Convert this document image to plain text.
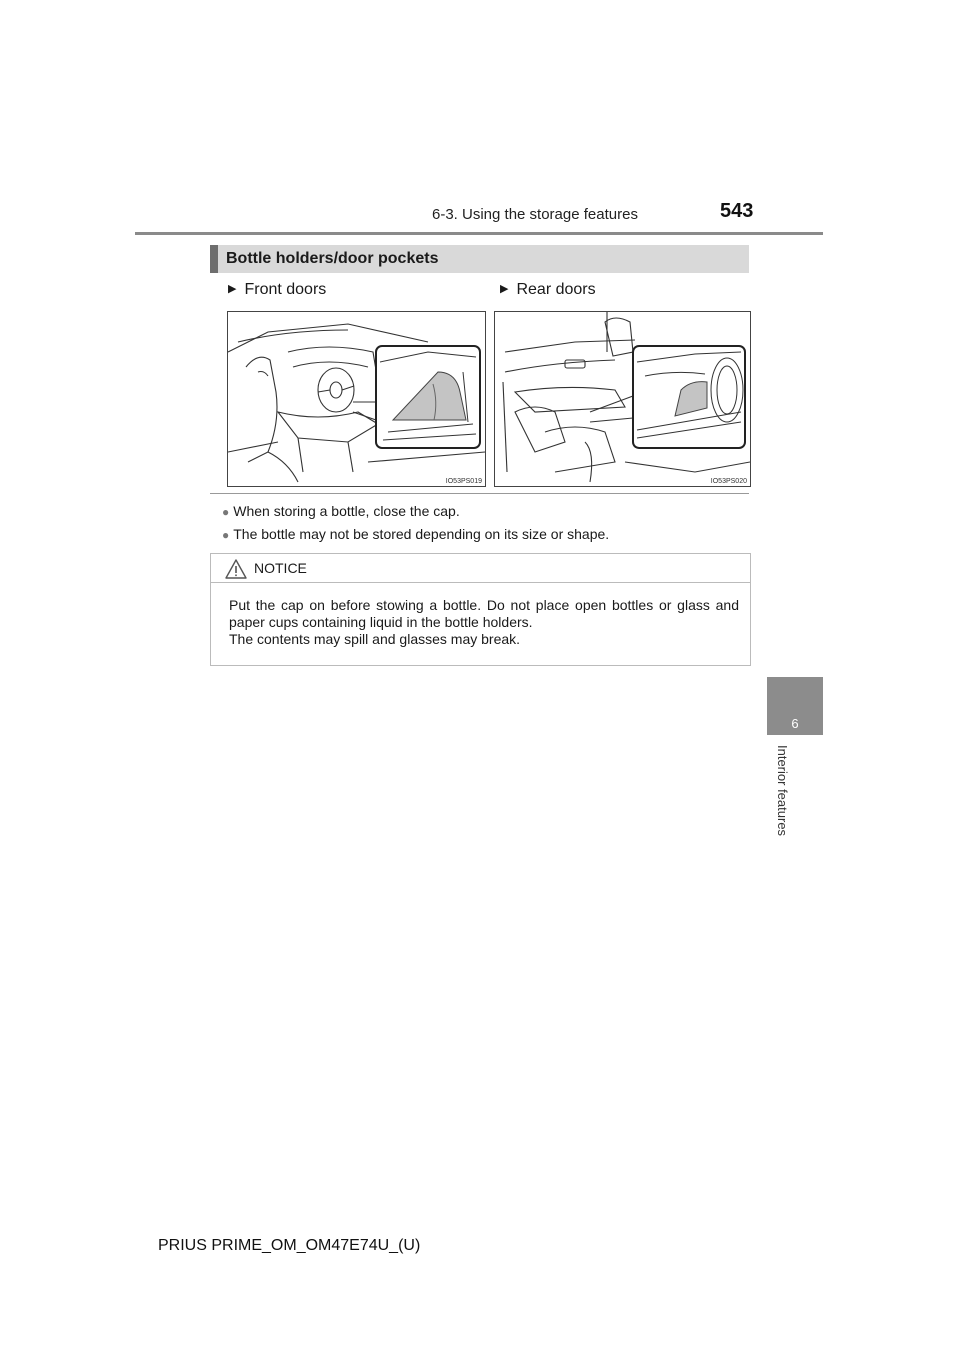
6-3. Using the storage features	543
6
Interior features
Bottle holders/door pockets
▶ Front doors	▶ Rear doors
IO53PS019	IO53PS020
● When storing a bottle, close the cap.
● The bottle may not be stored depending on its size or shape.
NOTICE

Put the cap on before stowing a bottle. Do not place open bottles or glass and paper cups containing liquid in the bottle holders.

The contents may spill and glasses may break.

PRIUS PRIME_OM_OM47E74U_(U)
